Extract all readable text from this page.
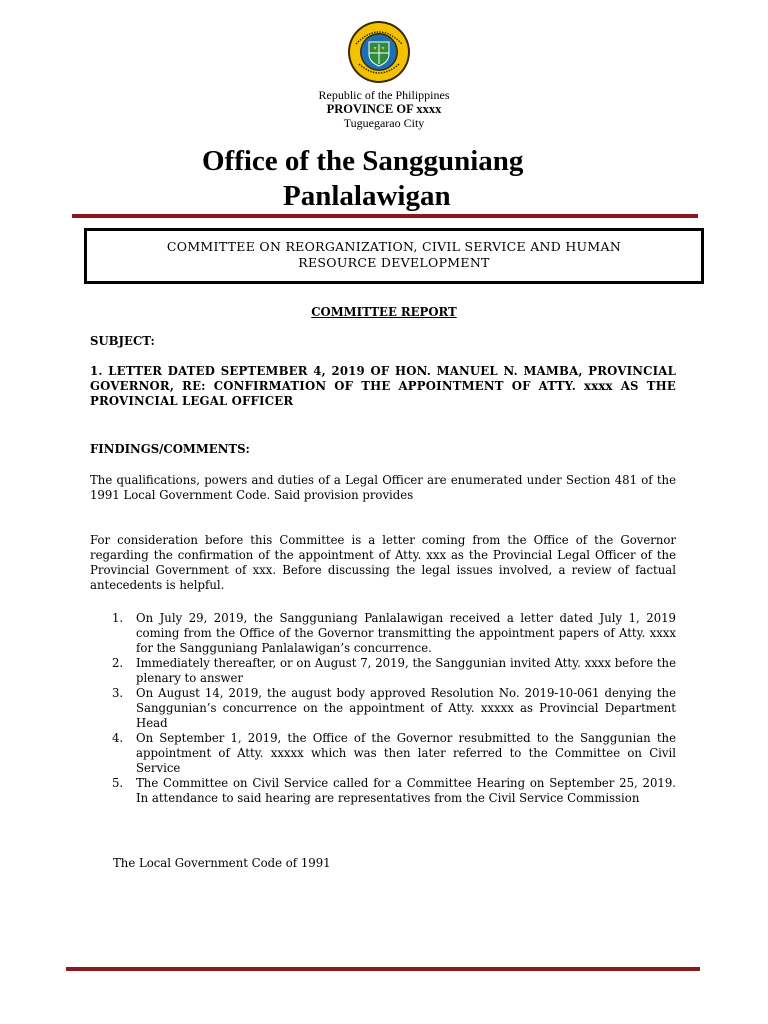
Republic of the Philippines
PROVINCE OF xxxx
Tuguegarao City
Office of the Sangguniang
Panlalawigan
COMMITTEE ON REORGANIZATION, CIVIL SERVICE AND HUMAN
RESOURCE DEVELOPMENT
COMMITTEE REPORT
SUBJECT:
1. LETTER DATED SEPTEMBER 4, 2019 OF HON. MANUEL N. MAMBA, PROVINCIAL GOVERNOR, RE: CONFIRMATION OF THE APPOINTMENT OF ATTY. xxxx AS THE PROVINCIAL LEGAL OFFICER
FINDINGS/COMMENTS:
The qualifications, powers and duties of a Legal Officer are enumerated under Section 481 of the 1991 Local Government Code. Said provision provides
For consideration before this Committee is a letter coming from the Office of the Governor regarding the confirmation of the appointment of Atty. xxx as the Provincial Legal Officer of the Provincial Government of xxx. Before discussing the legal issues involved, a review of factual antecedents is helpful.
1. On July 29, 2019, the Sangguniang Panlalawigan received a letter dated July 1, 2019 coming from the Office of the Governor transmitting the appointment papers of Atty. xxxx for the Sangguniang Panlalawigan’s concurrence.
2. Immediately thereafter, or on August 7, 2019, the Sanggunian invited Atty. xxxx before the plenary to answer
3. On August 14, 2019, the august body approved Resolution No. 2019-10-061 denying the Sanggunian’s concurrence on the appointment of Atty. xxxxx as Provincial Department Head
4. On September 1, 2019, the Office of the Governor resubmitted to the Sanggunian the appointment of Atty. xxxxx which was then later referred to the Committee on Civil Service
5. The Committee on Civil Service called for a Committee Hearing on September 25, 2019. In attendance to said hearing are representatives from the Civil Service Commission
The Local Government Code of 1991
